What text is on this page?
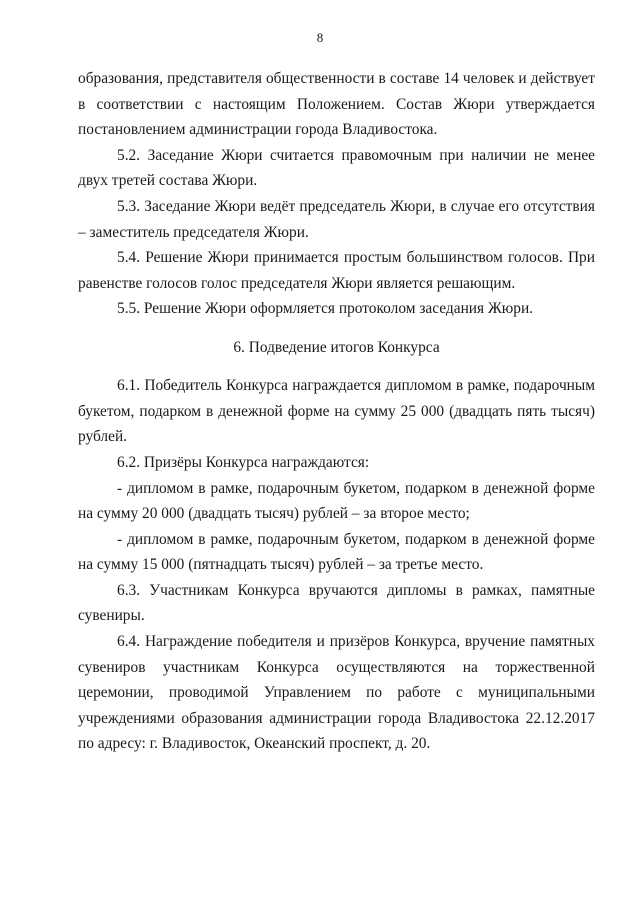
8

образования, представителя общественности в составе 14 человек и действует в соответствии с настоящим Положением. Состав Жюри утверждается постановлением администрации города Владивостока.

5.2. Заседание Жюри считается правомочным при наличии не менее двух третей состава Жюри.

5.3. Заседание Жюри ведёт председатель Жюри, в случае его отсутствия – заместитель председателя Жюри.

5.4. Решение Жюри принимается простым большинством голосов. При равенстве голосов голос председателя Жюри является решающим.

5.5. Решение Жюри оформляется протоколом заседания Жюри.

6. Подведение итогов Конкурса

6.1. Победитель Конкурса награждается дипломом в рамке, подарочным букетом, подарком в денежной форме на сумму 25 000 (двадцать пять тысяч) рублей.

6.2. Призёры Конкурса награждаются:

- дипломом в рамке, подарочным букетом, подарком в денежной форме на сумму 20 000 (двадцать тысяч) рублей – за второе место;

- дипломом в рамке, подарочным букетом, подарком в денежной форме на сумму 15 000 (пятнадцать тысяч) рублей – за третье место.

6.3. Участникам Конкурса вручаются дипломы в рамках, памятные сувениры.

6.4. Награждение победителя и призёров Конкурса, вручение памятных сувениров участникам Конкурса осуществляются на торжественной церемонии, проводимой Управлением по работе с муниципальными учреждениями образования администрации города Владивостока 22.12.2017 по адресу: г. Владивосток, Океанский проспект, д. 20.
